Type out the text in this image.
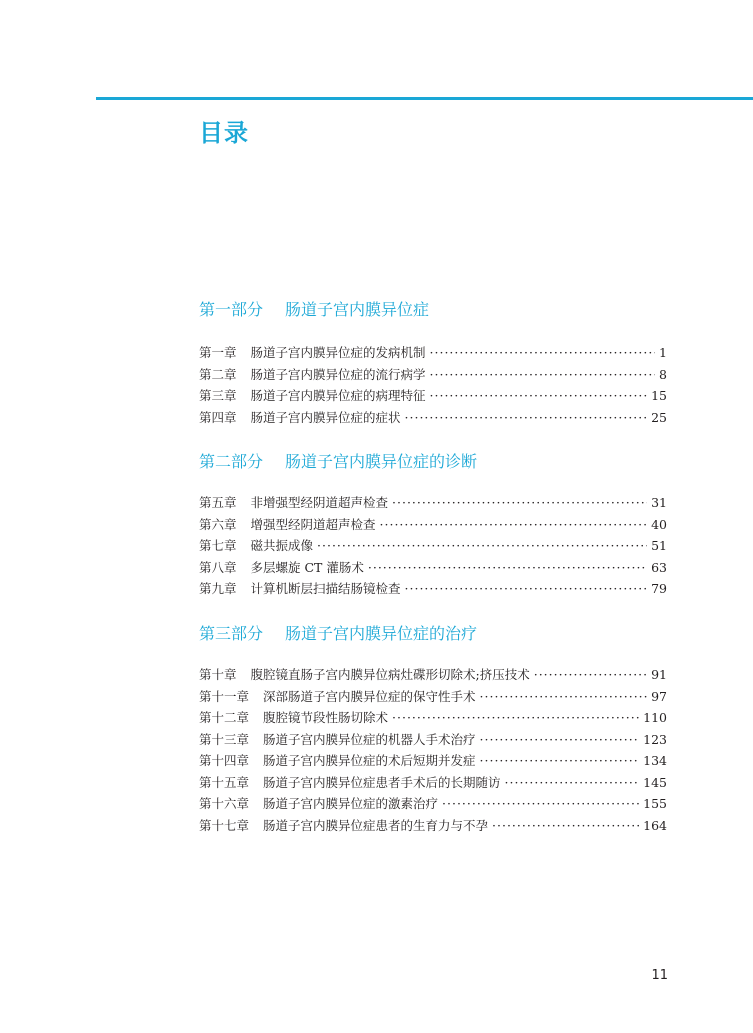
目录
第一部分 肠道子宫内膜异位症
第一章 肠道子宫内膜异位症的发病机制 ·····	1
第二章 肠道子宫内膜异位症的流行病学 ·····	8
第三章 肠道子宫内膜异位症的病理特征 ·····	15
第四章 肠道子宫内膜异位症的症状 ·····	25
第二部分 肠道子宫内膜异位症的诊断
第五章 非增强型经阴道超声检查 ·····	31
第六章 增强型经阴道超声检查 ·····	40
第七章 磁共振成像 ·····	51
第八章 多层螺旋 CT 灌肠术 ·····	63
第九章 计算机断层扫描结肠镜检查 ·····	79
第三部分 肠道子宫内膜异位症的治疗
第十章 腹腔镜直肠子宫内膜异位病灶碟形切除术;挤压技术 ·····	91
第十一章 深部肠道子宫内膜异位症的保守性手术 ·····	97
第十二章 腹腔镜节段性肠切除术 ·····	110
第十三章 肠道子宫内膜异位症的机器人手术治疗 ·····	123
第十四章 肠道子宫内膜异位症的术后短期并发症 ·····	134
第十五章 肠道子宫内膜异位症患者手术后的长期随访 ·····	145
第十六章 肠道子宫内膜异位症的激素治疗 ·····	155
第十七章 肠道子宫内膜异位症患者的生育力与不孕 ·····	164
11
